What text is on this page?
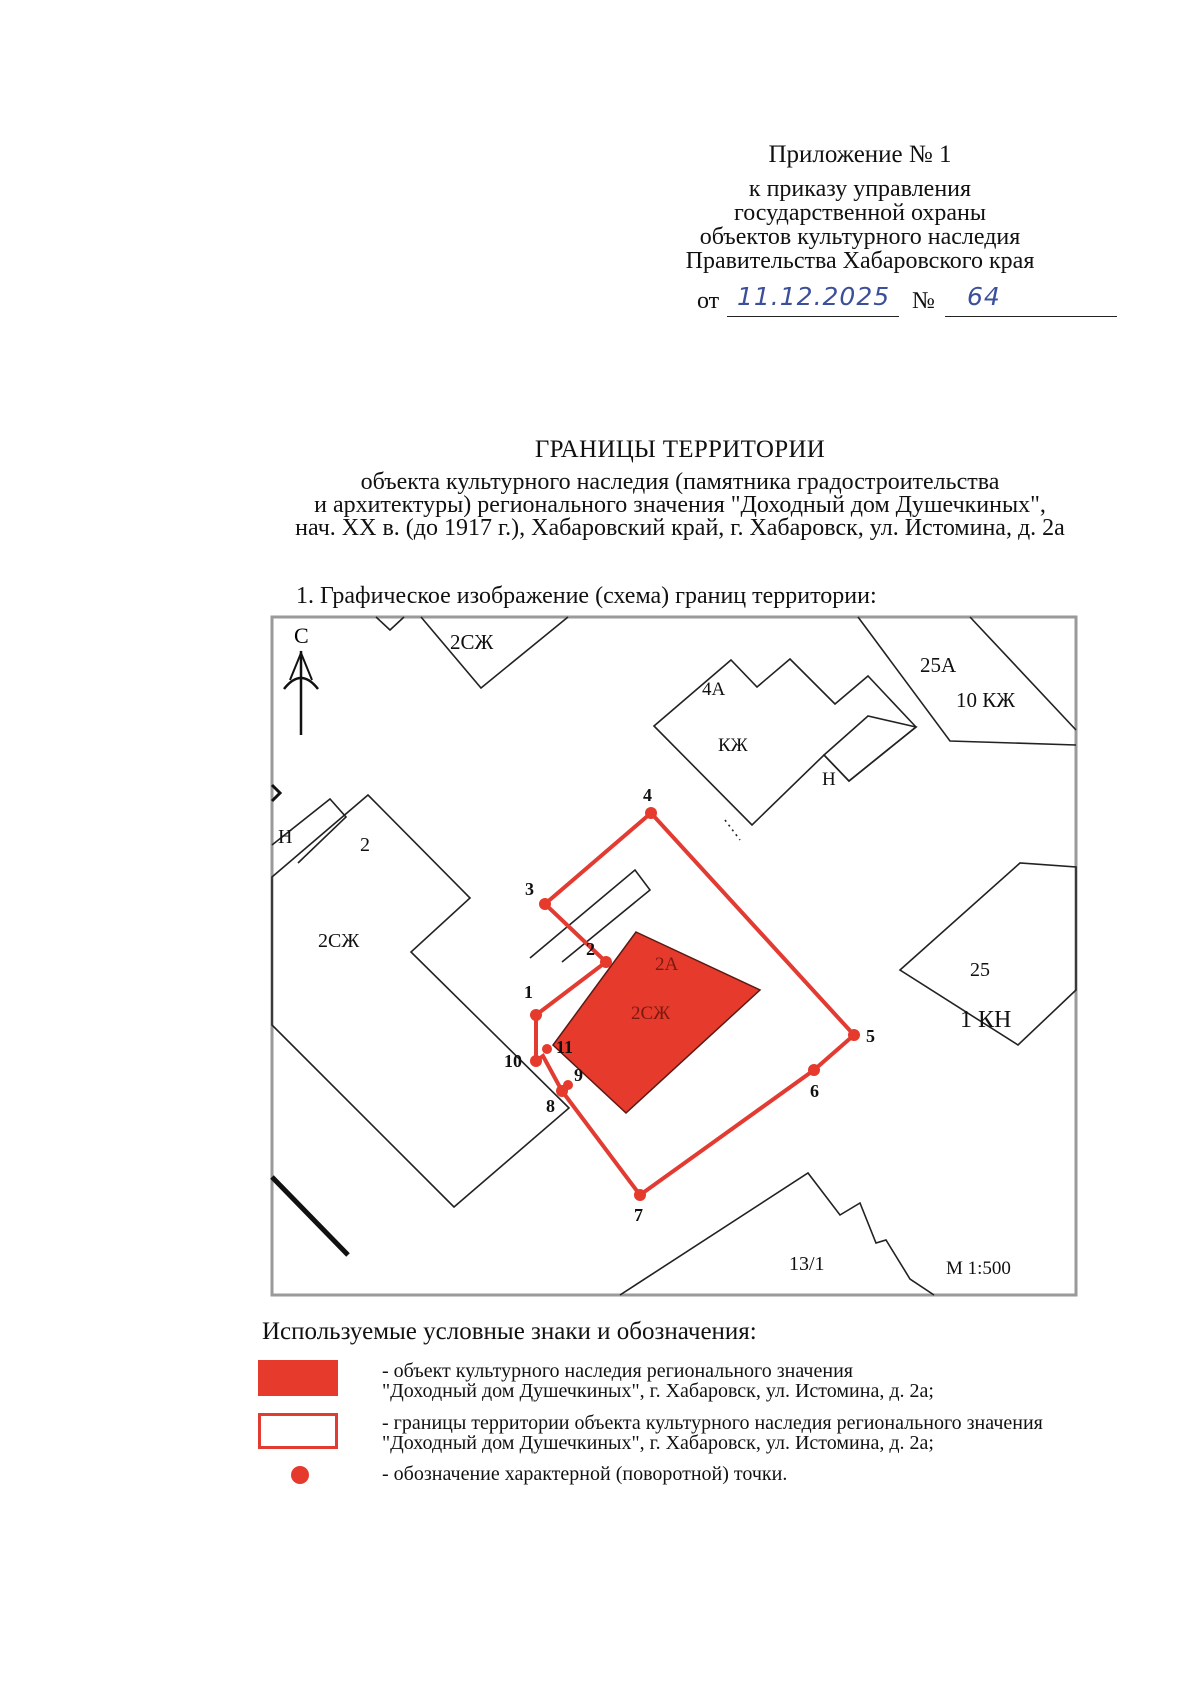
Приложение № 1
к приказу управления
государственной охраны
объектов культурного наследия
Правительства Хабаровского края
от 11.12.2025 № 64
ГРАНИЦЫ ТЕРРИТОРИИ
объекта культурного наследия (памятника градостроительства
и архитектуры) регионального значения "Доходный дом Душечкиных",
нач. XX в. (до 1917 г.), Хабаровский край, г. Хабаровск, ул. Истомина, д. 2а
1. Графическое изображение (схема) границ территории:
С	2СЖ
25А
10 КЖ
4А
КЖ
Н
Н	2
2СЖ
2А
2СЖ
25
1 КН
13/1	М 1:500
1
2
3
4
5
6
7
8
9
10
11
Используемые условные знаки и обозначения:
- объект культурного наследия регионального значения
"Доходный дом Душечкиных", г. Хабаровск, ул. Истомина, д. 2а;
- границы территории объекта культурного наследия регионального значения
"Доходный дом Душечкиных", г. Хабаровск, ул. Истомина, д. 2а;
- обозначение характерной (поворотной) точки.
